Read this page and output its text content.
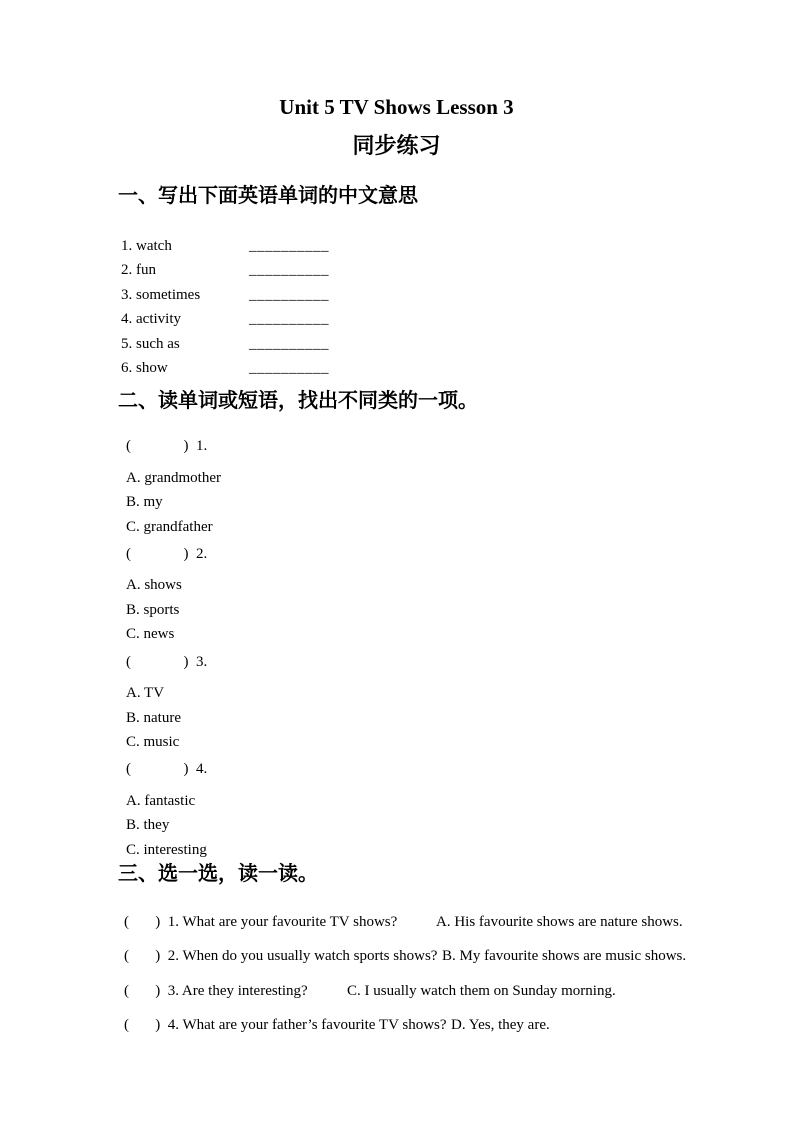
Unit 5 TV Shows Lesson 3
同步练习
一、写出下面英语单词的中文意思
1. watch	__________
2. fun	__________
3. sometimes	__________
4. activity	__________
5. such as	__________
6. show	__________
二、读单词或短语，找出不同类的一项。
(              )  1.
A. grandmother
B. my
C. grandfather
(              )  2.
A. shows
B. sports
C. news
(              )  3.
A. TV
B. nature
C. music
(              )  4.
A. fantastic
B. they
C. interesting
三、选一选，读一读。
(       )  1. What are your favourite TV shows?	A. His favourite shows are nature shows.
(       )  2. When do you usually watch sports shows? B. My favourite shows are music shows.
(       )  3. Are they interesting?	C. I usually watch them on Sunday morning.
(       )  4. What are your father’s favourite TV shows? D. Yes, they are.
